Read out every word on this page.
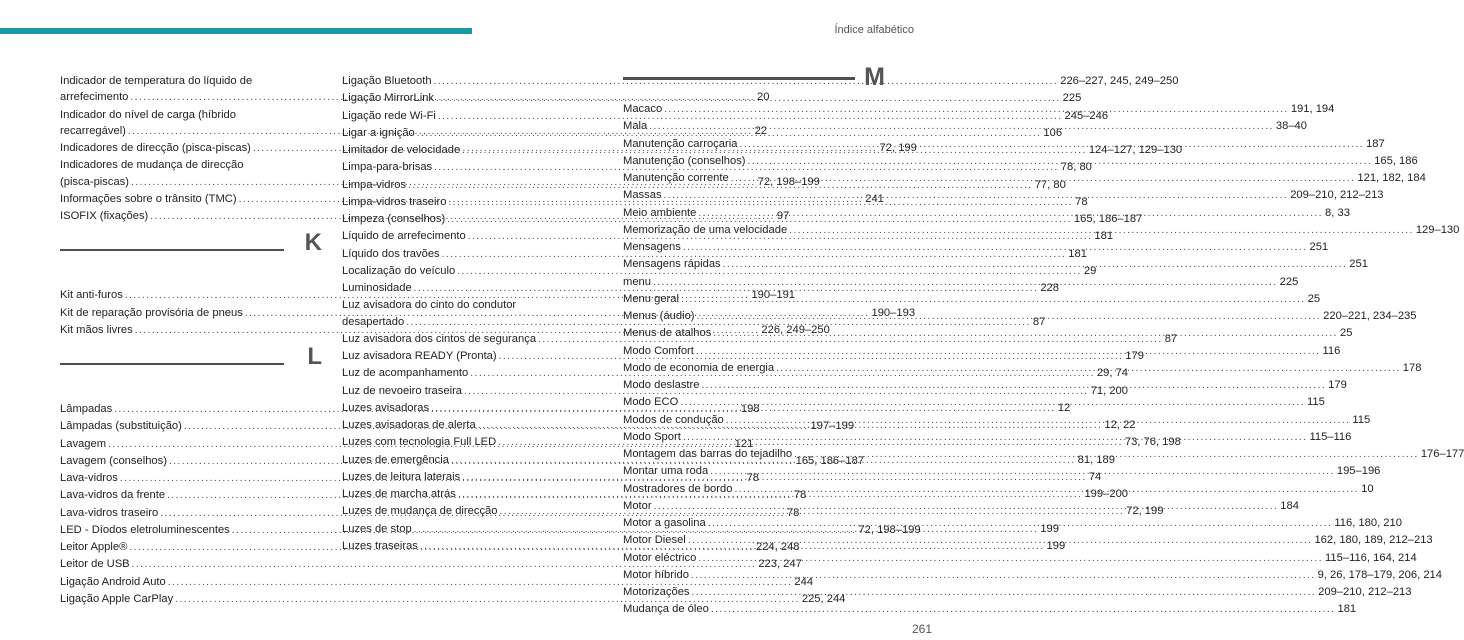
Índice alfabético
Indicador de temperatura do líquido de
arrefecimento .....	20
Indicador do nível de carga (híbrido
recarregável) .....	22
Indicadores de direcção (pisca-piscas) .....	72, 199
Indicadores de mudança de direcção
(pisca-piscas) .....	72, 198–199
Informações sobre o trânsito (TMC) .....	241
ISOFIX (fixações) .....	97
K
Kit anti-furos .....	190–191
Kit de reparação provisória de pneus .....	190–193
Kit mãos livres .....	226, 249–250
L
Lâmpadas .....	198
Lâmpadas (substituição) .....	197–199
Lavagem .....	121
Lavagem (conselhos) .....	165, 186–187
Lava-vidros .....	78
Lava-vidros da frente .....	78
Lava-vidros traseiro .....	78
LED - Díodos eletroluminescentes .....	72, 198–199
Leitor Apple® .....	224, 248
Leitor de USB .....	223, 247
Ligação Android Auto .....	244
Ligação Apple CarPlay .....	225, 244
Ligação Bluetooth .....	226–227, 245, 249–250
Ligação MirrorLink .....	225
Ligação rede Wi-Fi .....	245–246
Ligar a ignição .....	106
Limitador de velocidade .....	124–127, 129–130
Limpa-para-brisas .....	78, 80
Limpa-vidros .....	77, 80
Limpa-vidros traseiro .....	78
Limpeza (conselhos) .....	165, 186–187
Líquido de arrefecimento .....	181
Líquido dos travões .....	181
Localização do veículo .....	29
Luminosidade .....	228
Luz avisadora do cinto do condutor
desapertado .....	87
Luz avisadora dos cintos de segurança .....	87
Luz avisadora READY (Pronta) .....	179
Luz de acompanhamento .....	29, 74
Luz de nevoeiro traseira .....	71, 200
Luzes avisadoras .....	12
Luzes avisadoras de alerta .....	12, 22
Luzes com tecnologia Full LED .....	73, 76, 198
Luzes de emergência .....	81, 189
Luzes de leitura laterais .....	74
Luzes de marcha atrás .....	199–200
Luzes de mudança de direcção .....	72, 199
Luzes de stop .....	199
Luzes traseiras .....	199
M
Macaco .....	191, 194
Mala .....	38–40
Manutenção carroçaria .....	187
Manutenção (conselhos) .....	165, 186
Manutenção corrente .....	121, 182, 184
Massas .....	209–210, 212–213
Meio ambiente .....	8, 33
Memorização de uma velocidade .....	129–130
Mensagens .....	251
Mensagens rápidas .....	251
menu .....	225
Menu geral .....	25
Menus (áudio) .....	220–221, 234–235
Menus de atalhos .....	25
Modo Comfort .....	116
Modo de economia de energia .....	178
Modo deslastre .....	179
Modo ECO .....	115
Modos de condução .....	115
Modo Sport .....	115–116
Montagem das barras do tejadilho .....	176–177
Montar uma roda .....	195–196
Mostradores de bordo .....	10
Motor .....	184
Motor a gasolina .....	116, 180, 210
Motor Diesel .....	162, 180, 189, 212–213
Motor eléctrico .....	115–116, 164, 214
Motor híbrido .....	9, 26, 178–179, 206, 214
Motorizações .....	209–210, 212–213
Mudança de óleo .....	181
261
